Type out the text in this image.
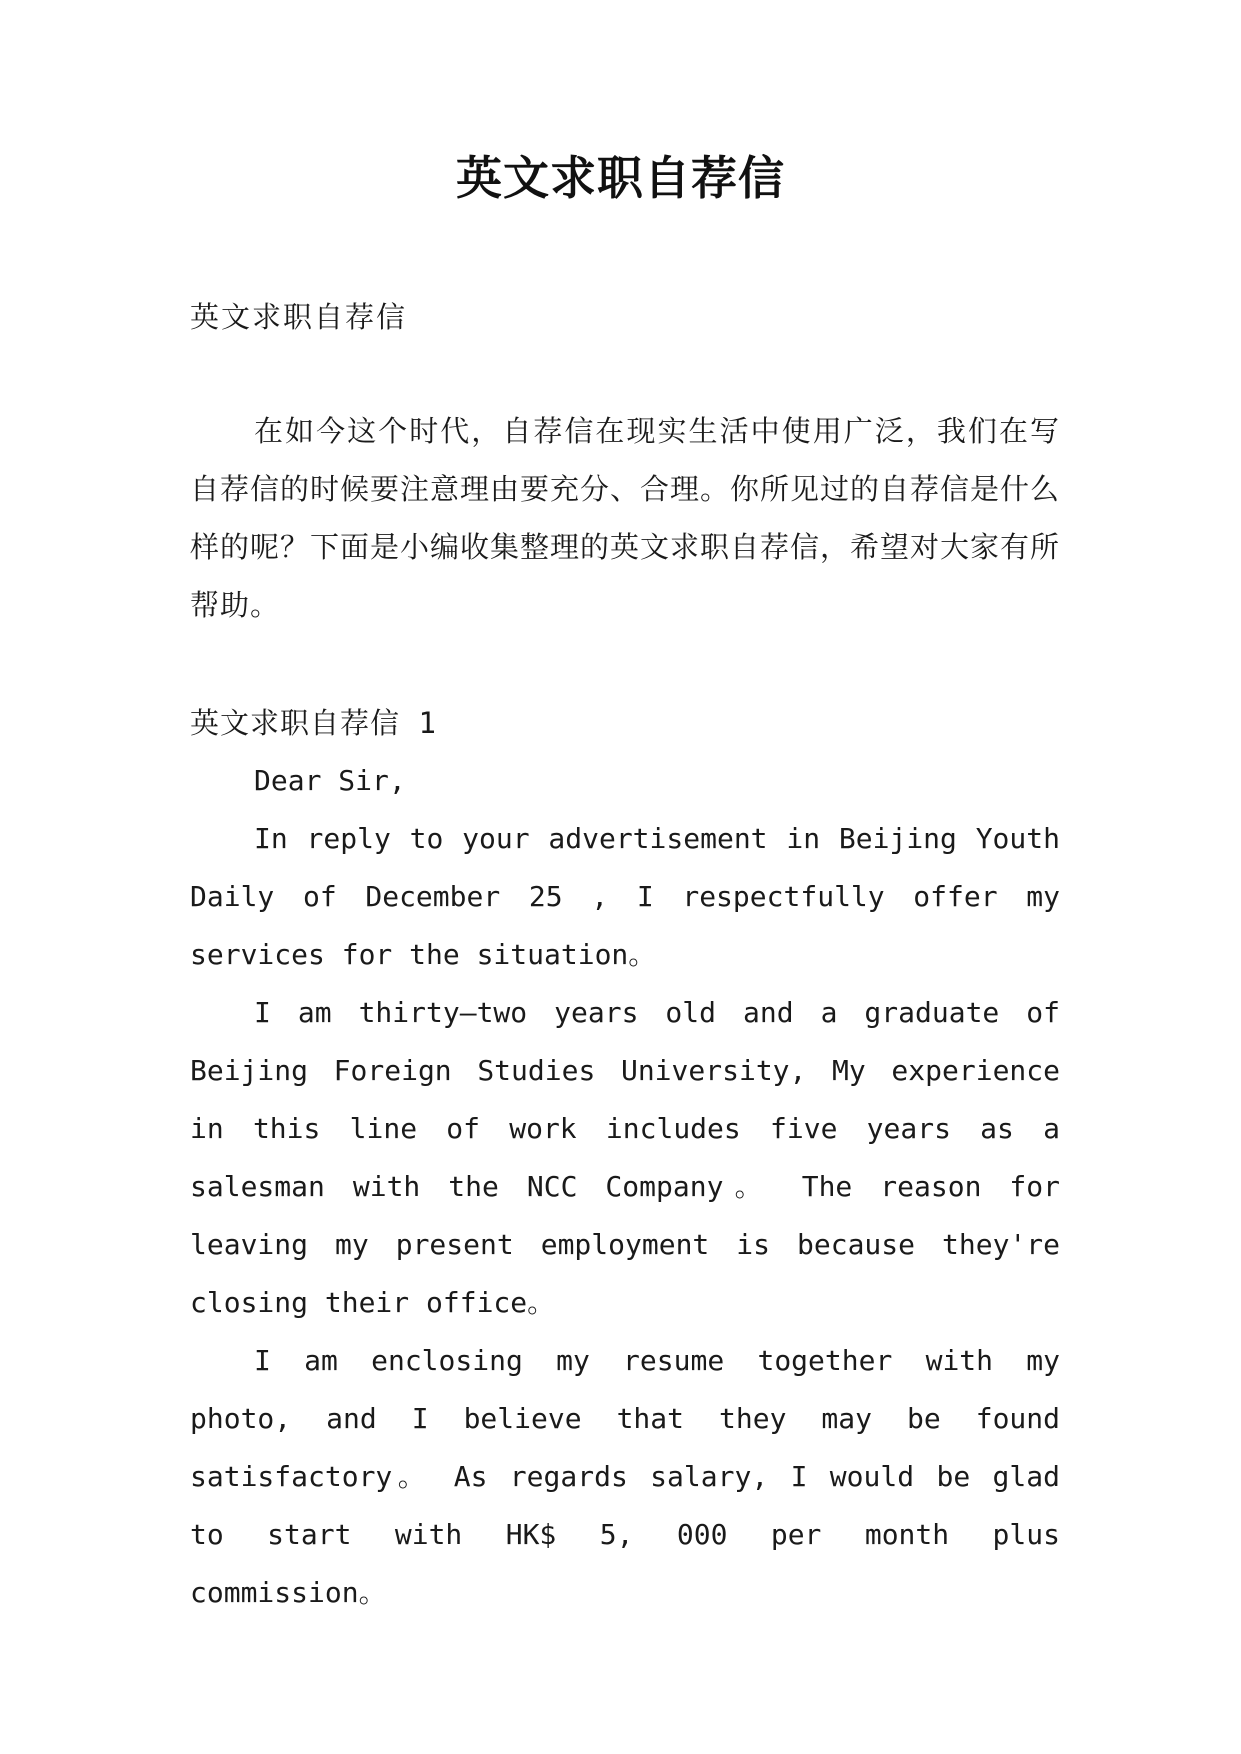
英文求职自荐信
英文求职自荐信
在如今这个时代，自荐信在现实生活中使用广泛，我们在写自荐信的时候要注意理由要充分、合理。你所见过的自荐信是什么样的呢？下面是小编收集整理的英文求职自荐信，希望对大家有所帮助。
英文求职自荐信 1

Dear Sir,

In reply to your advertisement in Beijing Youth Daily of December 25 , I respectfully offer my services for the situation。

I am thirty—two years old and a graduate of Beijing Foreign Studies University, My experience in this line of work includes five years as a salesman with the NCC Company。 The reason for leaving my present employment is because they're closing their office。

I am enclosing my resume together with my photo, and I believe that they may be found satisfactory。 As regards salary, I would be glad to start with HK$ 5, 000 per month plus commission。
